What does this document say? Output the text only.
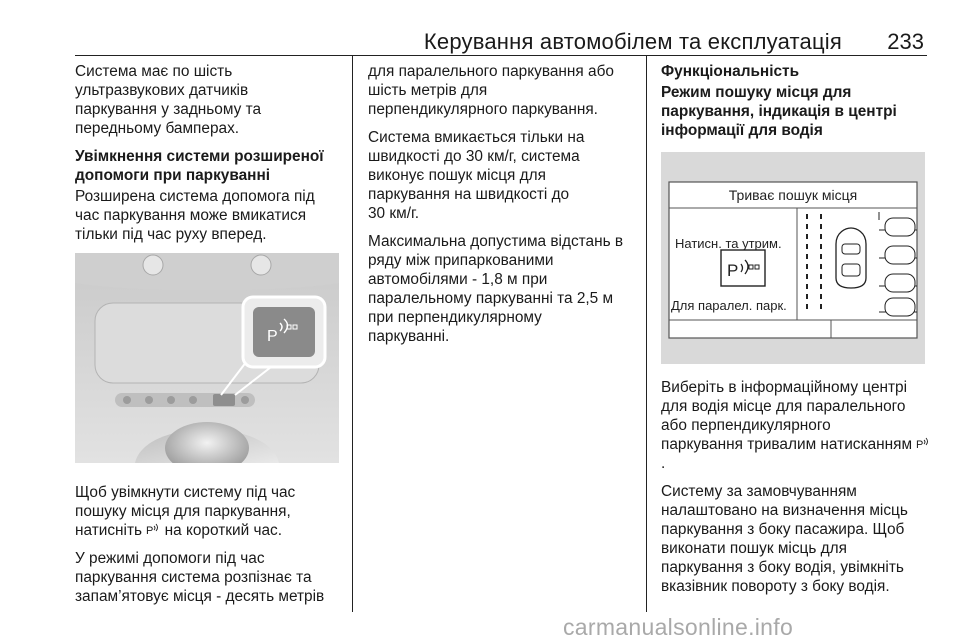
Керування автомобілем та експлуатація 233

Система має по шість
ультразвукових датчиків
паркування у задньому та
передньому бамперах.

Увімкнення системи розширеної
допомоги при паркуванні

Розширена система допомога під
час паркування може вмикатися
тільки під час руху вперед.

P

Щоб увімкнути систему під час
пошуку місця для паркування,
натисніть P на короткий час.

У режимі допомоги під час
паркування система розпізнає та
запам’ятовує місця - десять метрів

для паралельного паркування або
шість метрів для
перпендикулярного паркування.

Система вмикається тільки на
швидкості до 30 км/г, система
виконує пошук місця для
паркування на швидкості до
30 км/г.

Максимальна допустима відстань в
ряду між припаркованими
автомобілями - 1,8 м при
паралельному паркуванні та 2,5 м
при перпендикулярному
паркуванні.

Функціональність
Режим пошуку місця для
паркування, індикація в центрі
інформації для водія
P
Триває пошук місця
Натисн. та утрим.
Для паралел. парк.

Виберіть в інформаційному центрі
для водія місце для паралельного
або перпендикулярного
паркування тривалим натисканням P
.

Систему за замовчуванням
налаштовано на визначення місць
паркування з боку пасажира. Щоб
виконати пошук місць для
паркування з боку водія, увімкніть
вказівник повороту з боку водія.

carmanualsonline.info
